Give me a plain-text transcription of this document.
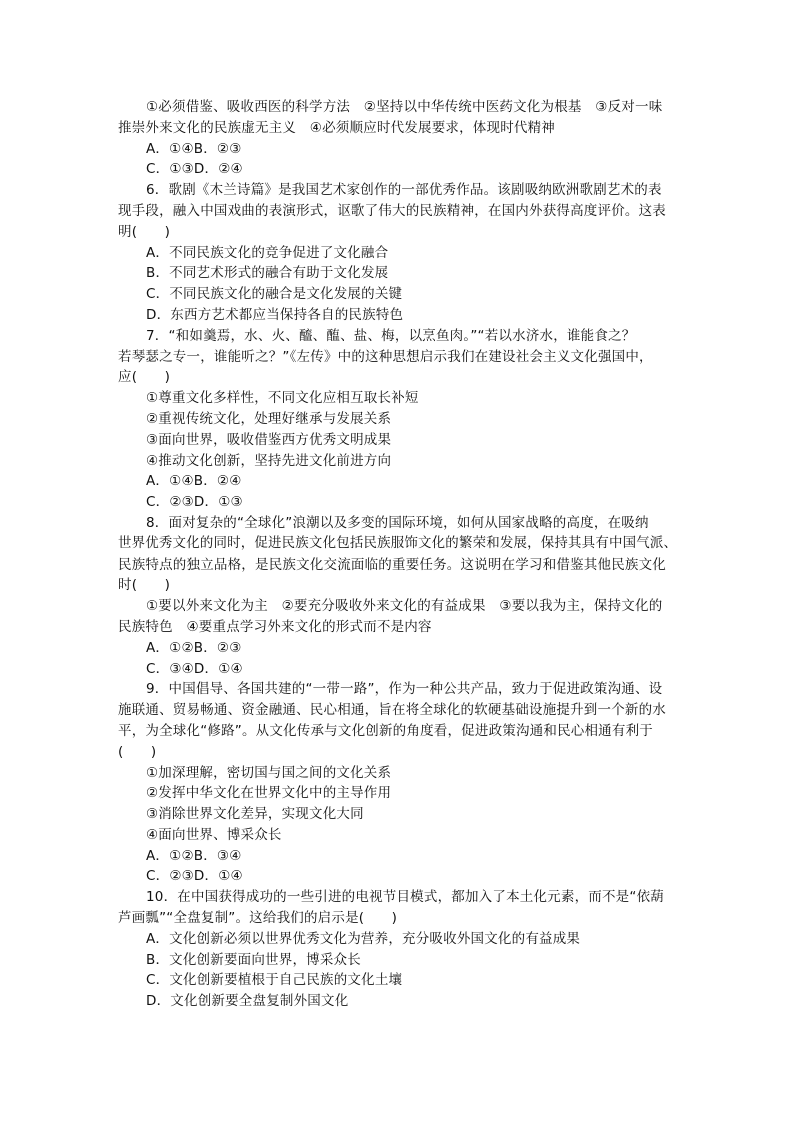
①必须借鉴、吸收西医的科学方法　②坚持以中华传统中医药文化为根基　③反对一味
推崇外来文化的民族虚无主义　④必须顺应时代发展要求，体现时代精神
A．①④B．②③
C．①③D．②④
6．歌剧《木兰诗篇》是我国艺术家创作的一部优秀作品。该剧吸纳欧洲歌剧艺术的表
现手段，融入中国戏曲的表演形式，讴歌了伟大的民族精神，在国内外获得高度评价。这表
明(　　)
A．不同民族文化的竞争促进了文化融合
B．不同艺术形式的融合有助于文化发展
C．不同民族文化的融合是文化发展的关键
D．东西方艺术都应当保持各自的民族特色
7．“和如羹焉，水、火、醯、醢、盐、梅，以烹鱼肉。”“若以水济水，谁能食之？
若琴瑟之专一，谁能听之？”《左传》中的这种思想启示我们在建设社会主义文化强国中，
应(　　)
①尊重文化多样性，不同文化应相互取长补短
②重视传统文化，处理好继承与发展关系
③面向世界，吸收借鉴西方优秀文明成果
④推动文化创新，坚持先进文化前进方向
A．①④B．②④
C．②③D．①③
8．面对复杂的“全球化”浪潮以及多变的国际环境，如何从国家战略的高度，在吸纳
世界优秀文化的同时，促进民族文化包括民族服饰文化的繁荣和发展，保持其具有中国气派、
民族特点的独立品格，是民族文化交流面临的重要任务。这说明在学习和借鉴其他民族文化
时(　　)
①要以外来文化为主　②要充分吸收外来文化的有益成果　③要以我为主，保持文化的
民族特色　④要重点学习外来文化的形式而不是内容
A．①②B．②③
C．③④D．①④
9．中国倡导、各国共建的“一带一路”，作为一种公共产品，致力于促进政策沟通、设
施联通、贸易畅通、资金融通、民心相通，旨在将全球化的软硬基础设施提升到一个新的水
平，为全球化“修路”。从文化传承与文化创新的角度看，促进政策沟通和民心相通有利于
(　　)
①加深理解，密切国与国之间的文化关系
②发挥中华文化在世界文化中的主导作用
③消除世界文化差异，实现文化大同
④面向世界、博采众长
A．①②B．③④
C．②③D．①④
10．在中国获得成功的一些引进的电视节目模式，都加入了本土化元素，而不是“依葫
芦画瓢”“全盘复制”。这给我们的启示是(　　)
A．文化创新必须以世界优秀文化为营养，充分吸收外国文化的有益成果
B．文化创新要面向世界，博采众长
C．文化创新要植根于自己民族的文化土壤
D．文化创新要全盘复制外国文化
